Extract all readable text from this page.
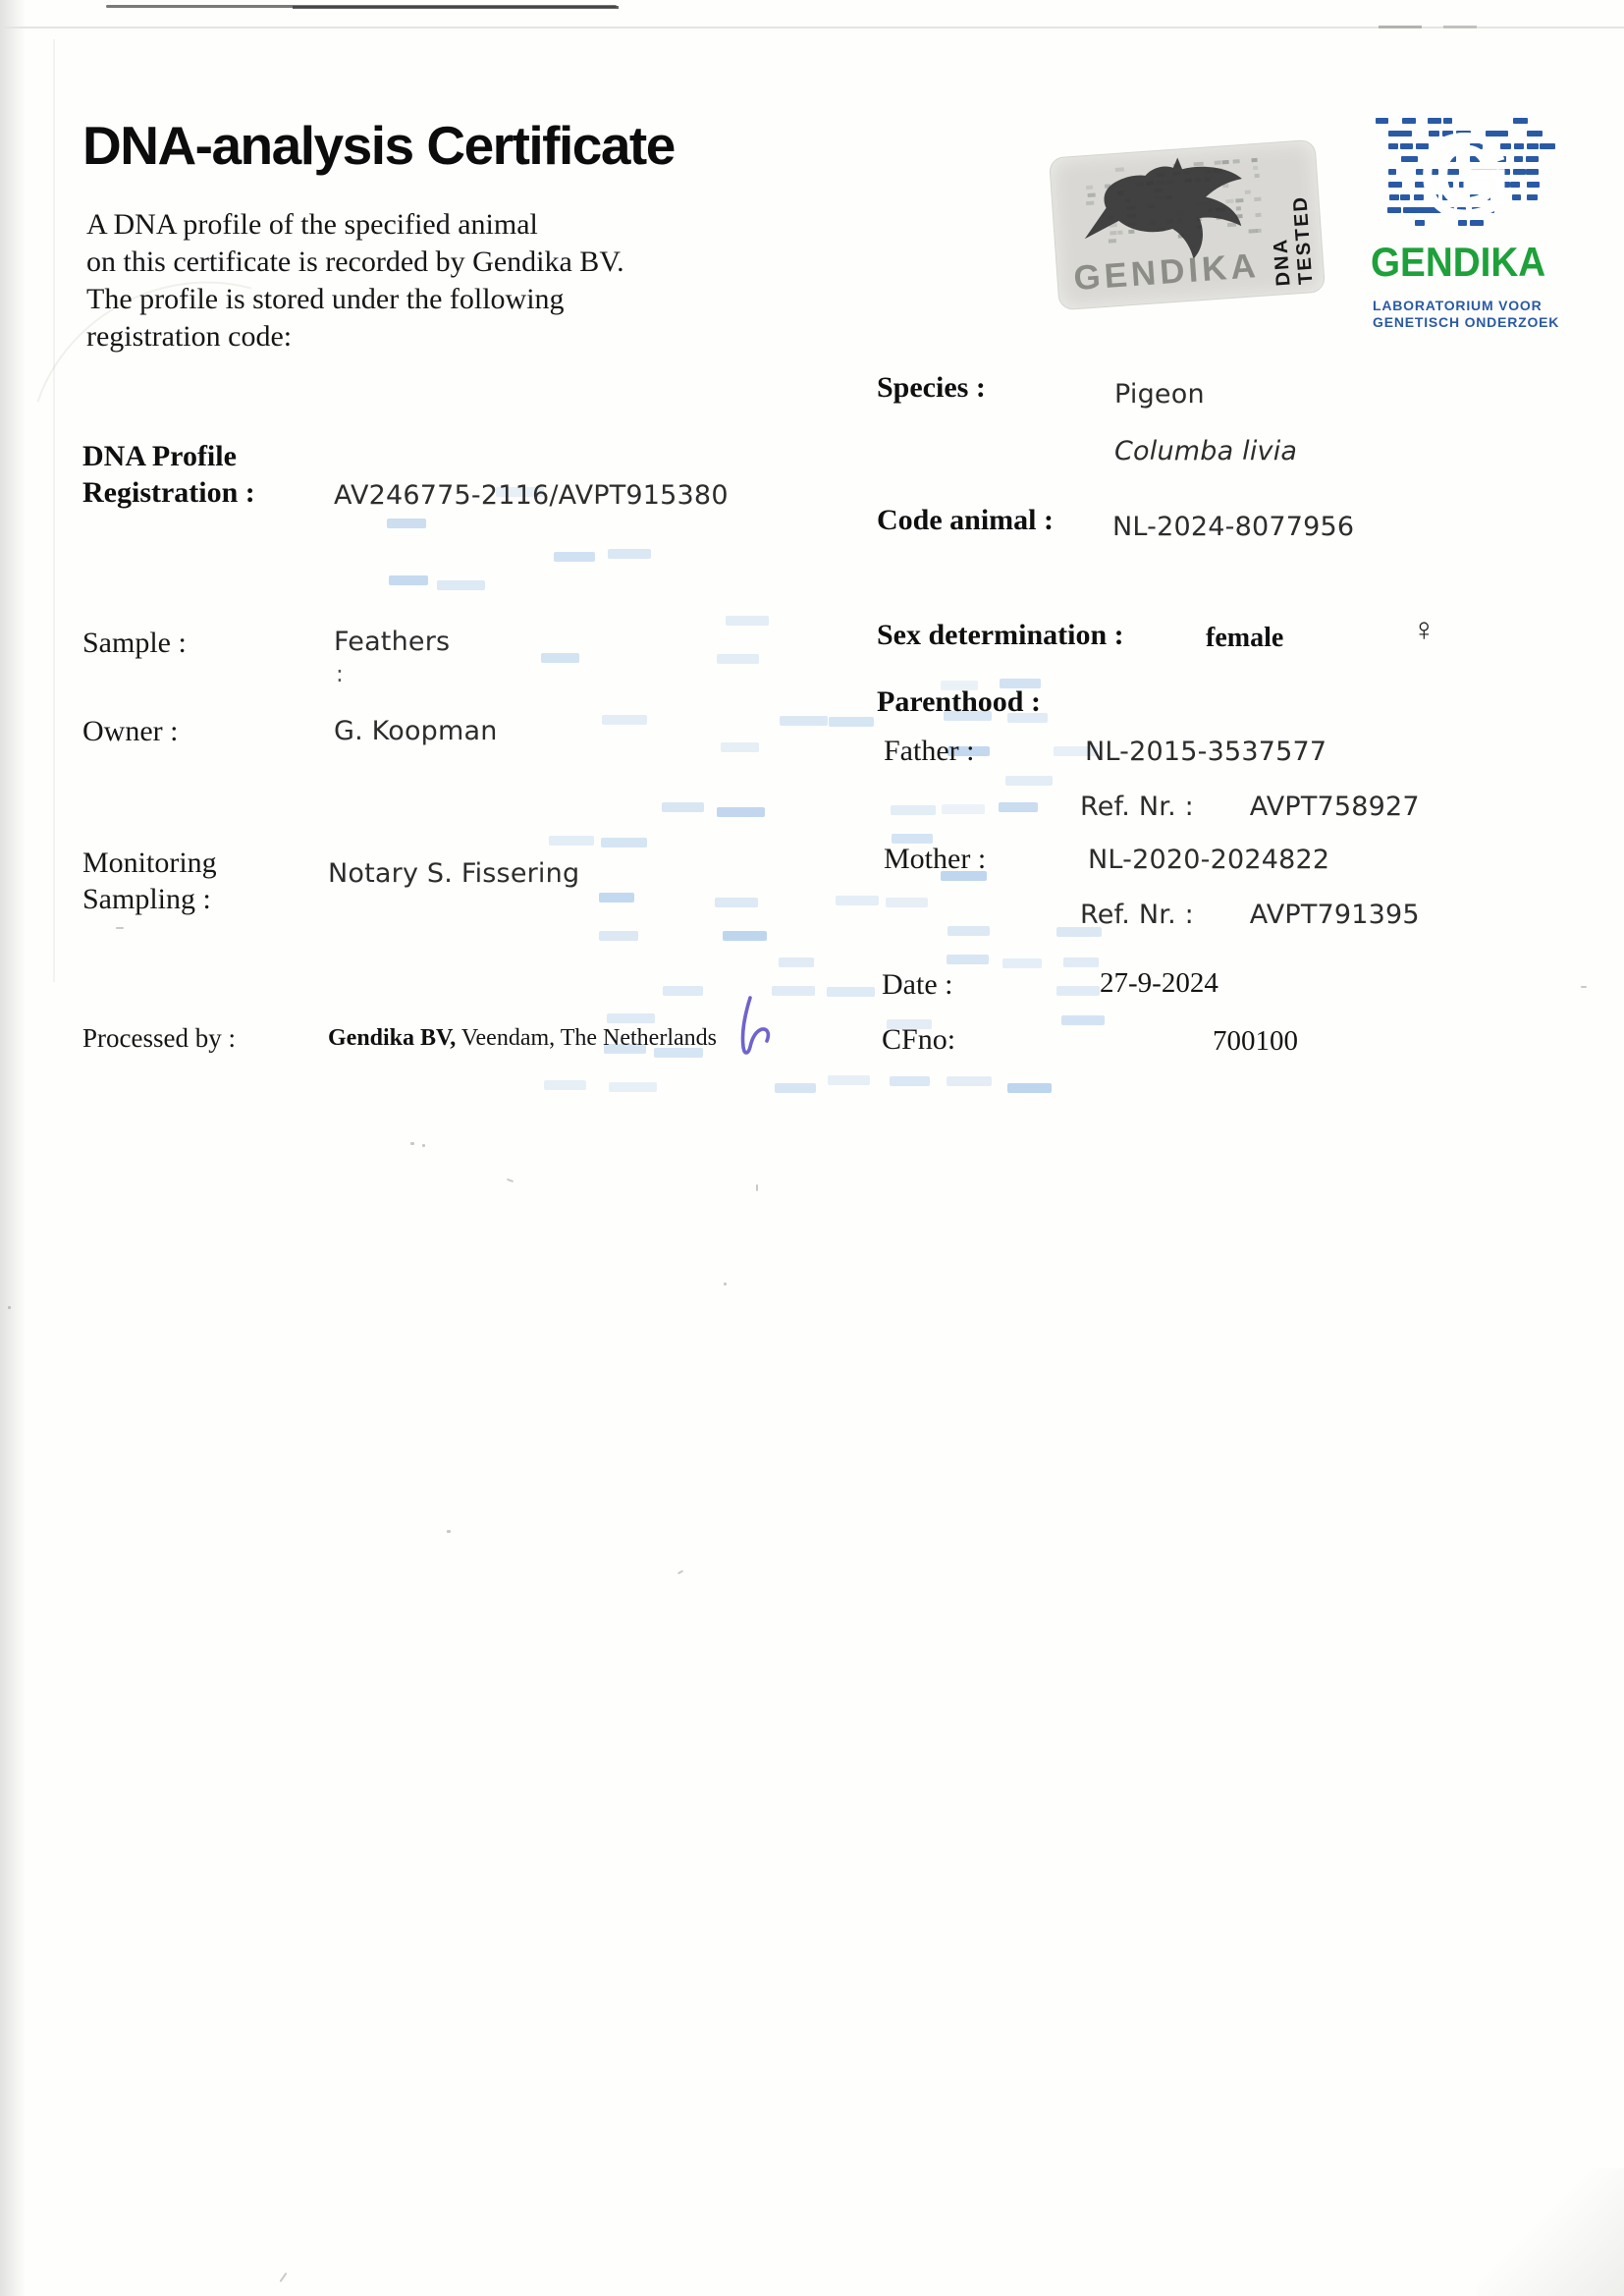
DNA-analysis Certificate
A DNA profile of the specified animal
on this certificate is recorded by Gendika BV.
The profile is stored under the following
registration code:
GENDIKA DNA TESTED
G
GENDIKA
LABORATORIUM VOOR
GENETISCH ONDERZOEK
Species :	Pigeon
Columba livia
Code animal : NL-2024-8077956
Sex determination :	female	♀
Parenthood :
Father :	NL-2015-3537577
Ref. Nr. : AVPT758927
Mother :	NL-2020-2024822
Ref. Nr. : AVPT791395
Date :	27-9-2024
CFno:	700100
DNA Profile
Registration :	AV246775-2116/AVPT915380
Sample :	Feathers
:
Owner :	G. Koopman
Monitoring
Sampling :
Notary S. Fissering
Processed by :	Gendika BV, Veendam, The Netherlands
